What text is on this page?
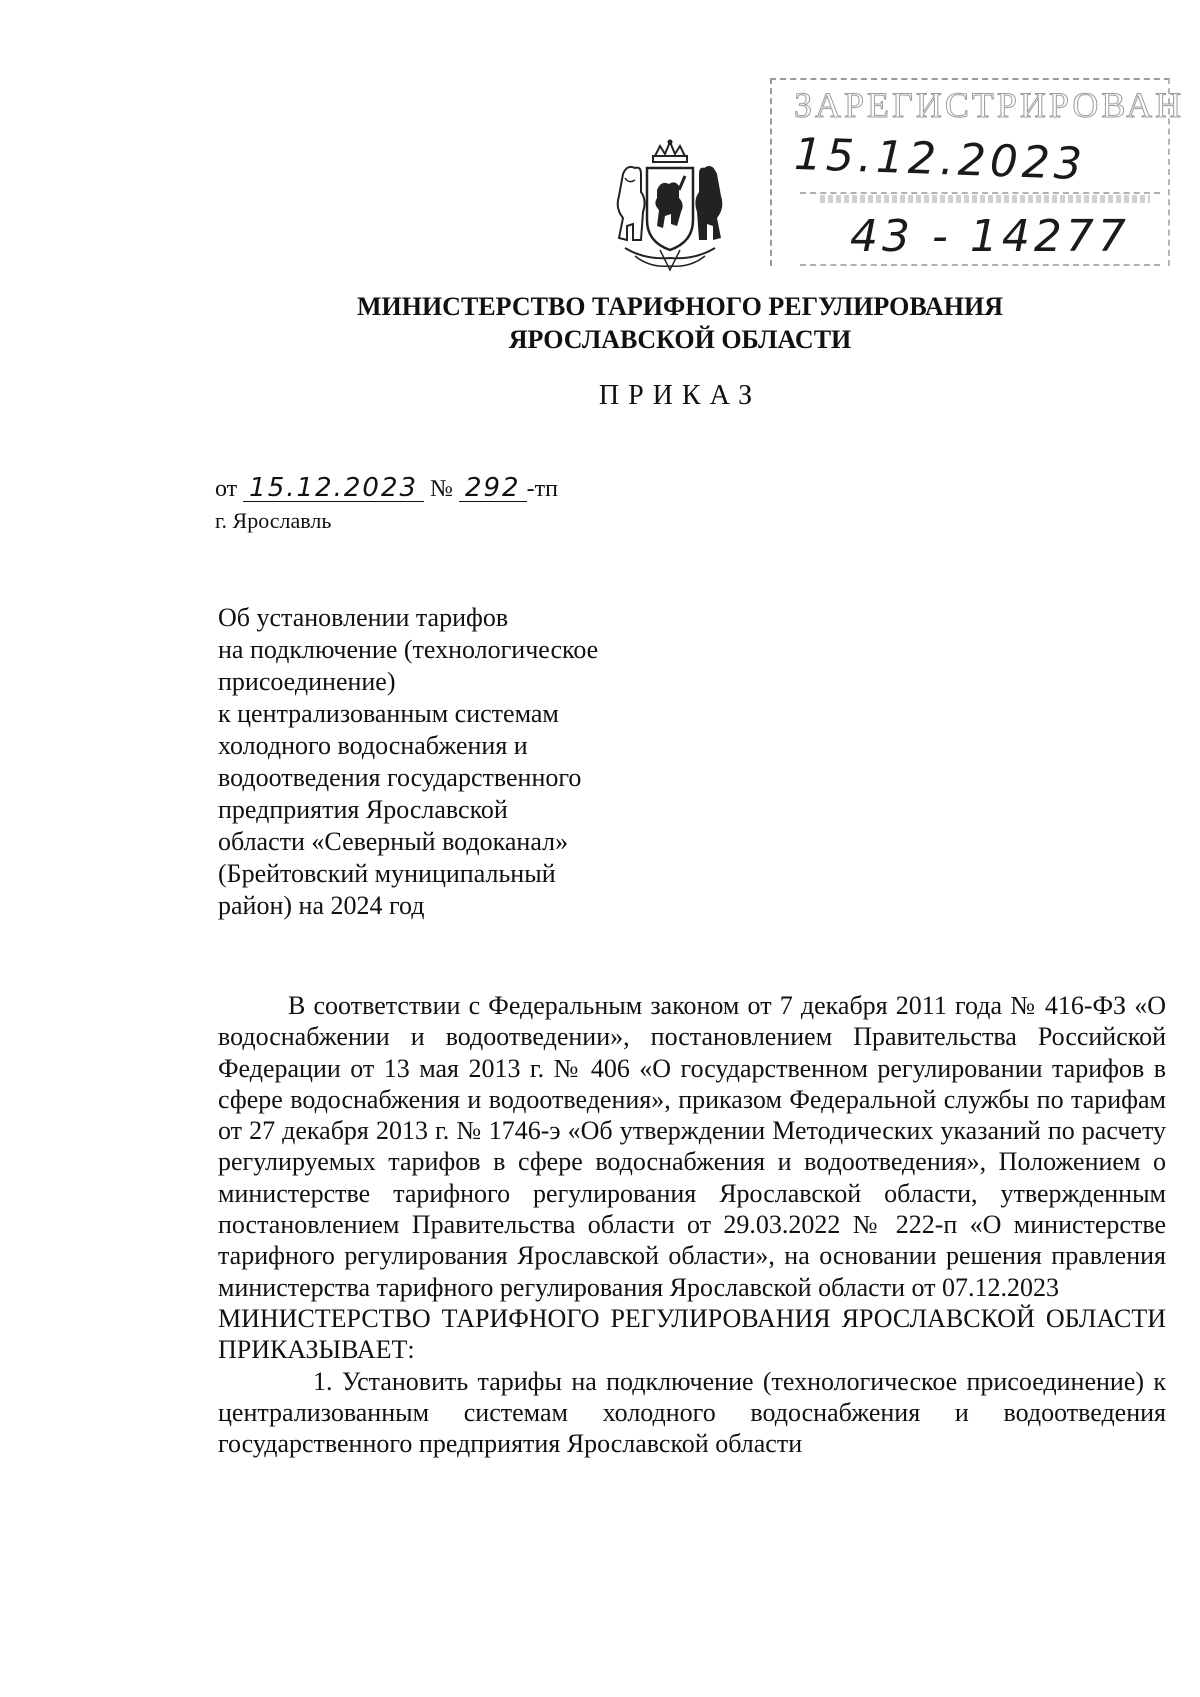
ЗАРЕГИСТРИРОВАН
15.12.2023
43 - 14277
МИНИСТЕРСТВО ТАРИФНОГО РЕГУЛИРОВАНИЯ
ЯРОСЛАВСКОЙ ОБЛАСТИ
ПРИКАЗ
от 15.12.2023 № 292 -тп
г. Ярославль
Об установлении тарифов
на подключение (технологическое
присоединение)
к централизованным системам
холодного водоснабжения и
водоотведения государственного
предприятия Ярославской
области «Северный водоканал»
(Брейтовский муниципальный
район) на 2024 год

В соответствии с Федеральным законом от 7 декабря 2011 года № 416-ФЗ «О водоснабжении и водоотведении», постановлением Правительства Российской Федерации от 13 мая 2013 г. № 406 «О государственном регулировании тарифов в сфере водоснабжения и водоотведения», приказом Федеральной службы по тарифам от 27 декабря 2013 г. № 1746-э «Об утверждении Методических указаний по расчету регулируемых тарифов в сфере водоснабжения и водоотведения», Положением о министерстве тарифного регулирования Ярославской области, утвержденным постановлением Правительства области от 29.03.2022 № 222-п «О министерстве тарифного регулирования Ярославской области», на основании решения правления министерства тарифного регулирования Ярославской области от 07.12.2023

МИНИСТЕРСТВО ТАРИФНОГО РЕГУЛИРОВАНИЯ ЯРОСЛАВСКОЙ ОБЛАСТИ ПРИКАЗЫВАЕТ:

1. Установить тарифы на подключение (технологическое присоединение) к централизованным системам холодного водоснабжения и водоотведения государственного предприятия Ярославской области
